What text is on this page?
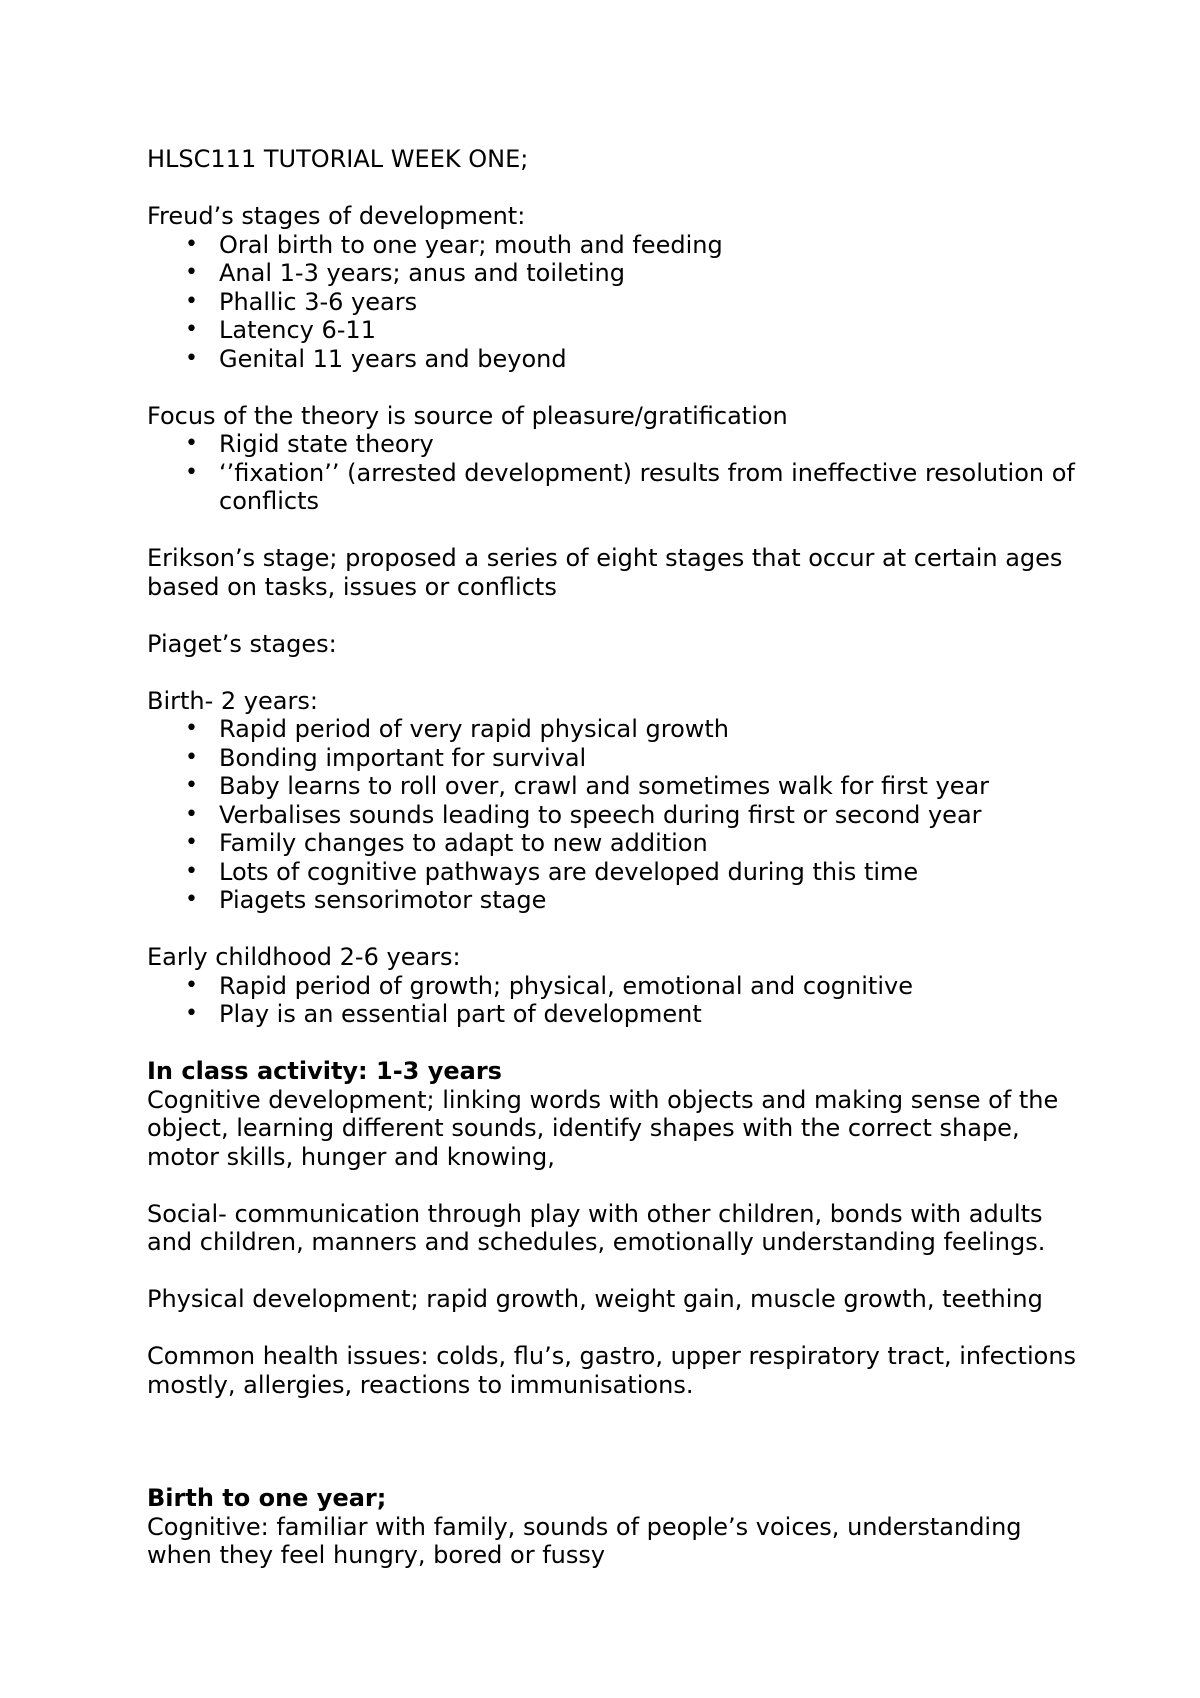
HLSC111 TUTORIAL WEEK ONE;

Freud’s stages of development:

• Oral birth to one year; mouth and feeding
• Anal 1-3 years; anus and toileting
• Phallic 3-6 years
• Latency 6-11
• Genital 11 years and beyond

Focus of the theory is source of pleasure/gratification

• Rigid state theory
• ‘’fixation’’ (arrested development) results from ineffective resolution of conflicts

Erikson’s stage; proposed a series of eight stages that occur at certain ages based on tasks, issues or conflicts

Piaget’s stages:

Birth- 2 years:

• Rapid period of very rapid physical growth
• Bonding important for survival
• Baby learns to roll over, crawl and sometimes walk for first year
• Verbalises sounds leading to speech during first or second year
• Family changes to adapt to new addition
• Lots of cognitive pathways are developed during this time
• Piagets sensorimotor stage

Early childhood 2-6 years:

• Rapid period of growth; physical, emotional and cognitive
• Play is an essential part of development

In class activity: 1-3 years

Cognitive development; linking words with objects and making sense of the object, learning different sounds, identify shapes with the correct shape, motor skills, hunger and knowing,

Social- communication through play with other children, bonds with adults and children, manners and schedules, emotionally understanding feelings.

Physical development; rapid growth, weight gain, muscle growth, teething

Common health issues: colds, flu’s, gastro, upper respiratory tract, infections mostly, allergies, reactions to immunisations.

Birth to one year;

Cognitive: familiar with family, sounds of people’s voices, understanding when they feel hungry, bored or fussy
